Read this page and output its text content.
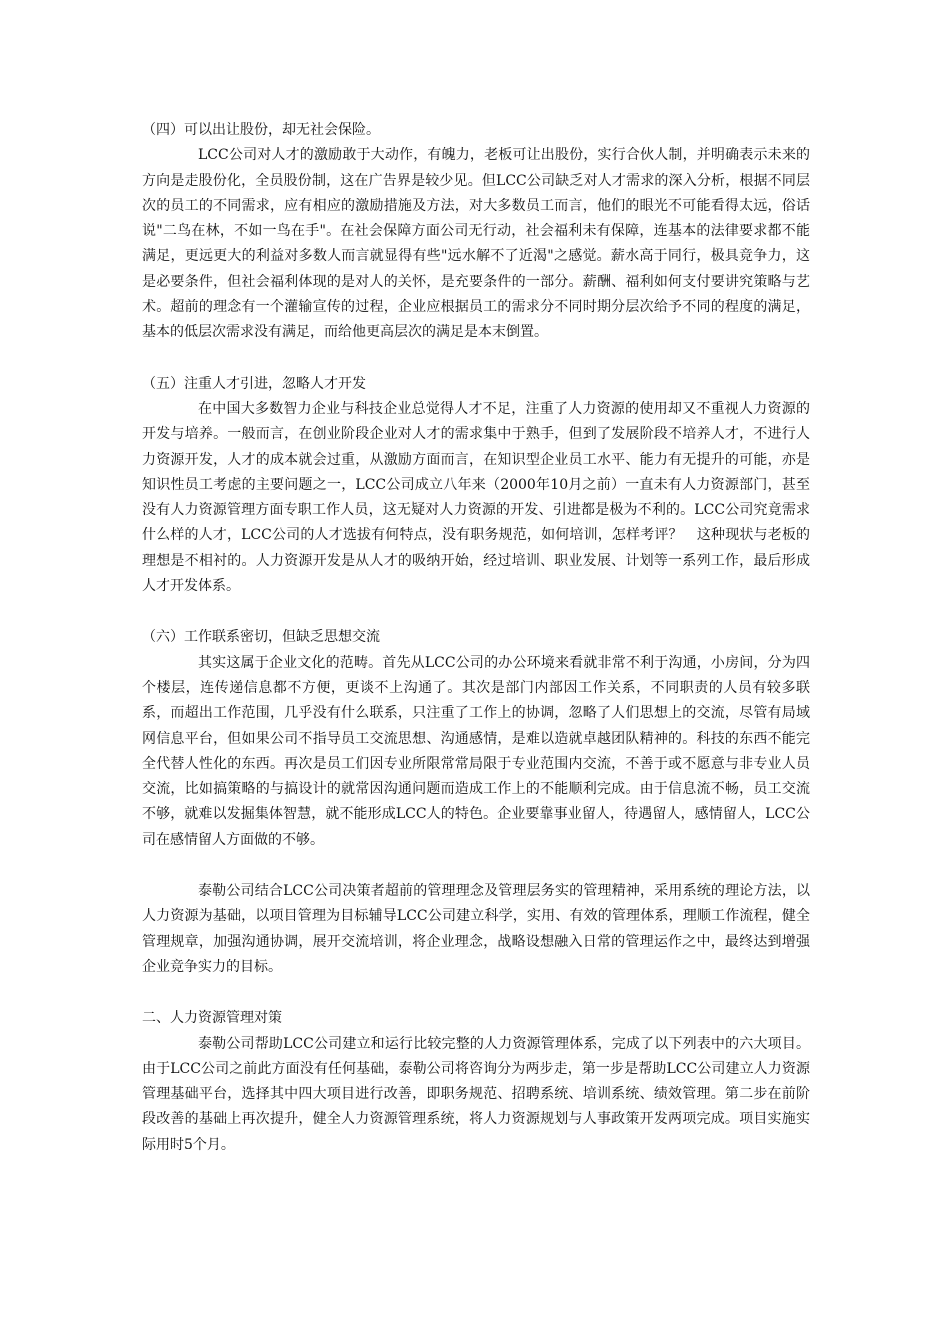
（四）可以出让股份，却无社会保险。

LCC公司对人才的激励敢于大动作，有魄力，老板可让出股份，实行合伙人制，并明确表示未来的方向是走股份化，全员股份制，这在广告界是较少见。但LCC公司缺乏对人才需求的深入分析，根据不同层次的员工的不同需求，应有相应的激励措施及方法，对大多数员工而言，他们的眼光不可能看得太远，俗话说"二鸟在林，不如一鸟在手"。在社会保障方面公司无行动，社会福利未有保障，连基本的法律要求都不能满足，更远更大的利益对多数人而言就显得有些"远水解不了近渴"之感觉。薪水高于同行，极具竞争力，这是必要条件，但社会福利体现的是对人的关怀，是充要条件的一部分。薪酬、福利如何支付要讲究策略与艺术。超前的理念有一个灌输宣传的过程，企业应根据员工的需求分不同时期分层次给予不同的程度的满足，基本的低层次需求没有满足，而给他更高层次的满足是本末倒置。

（五）注重人才引进，忽略人才开发

在中国大多数智力企业与科技企业总觉得人才不足，注重了人力资源的使用却又不重视人力资源的开发与培养。一般而言，在创业阶段企业对人才的需求集中于熟手，但到了发展阶段不培养人才，不进行人力资源开发，人才的成本就会过重，从激励方面而言，在知识型企业员工水平、能力有无提升的可能，亦是知识性员工考虑的主要问题之一，LCC公司成立八年来（2000年10月之前）一直未有人力资源部门，甚至没有人力资源管理方面专职工作人员，这无疑对人力资源的开发、引进都是极为不利的。LCC公司究竟需求什么样的人才，LCC公司的人才选拔有何特点，没有职务规范，如何培训，怎样考评？　这种现状与老板的理想是不相衬的。人力资源开发是从人才的吸纳开始，经过培训、职业发展、计划等一系列工作，最后形成人才开发体系。

（六）工作联系密切，但缺乏思想交流

其实这属于企业文化的范畴。首先从LCC公司的办公环境来看就非常不利于沟通，小房间，分为四个楼层，连传递信息都不方便，更谈不上沟通了。其次是部门内部因工作关系，不同职责的人员有较多联系，而超出工作范围，几乎没有什么联系，只注重了工作上的协调，忽略了人们思想上的交流，尽管有局域网信息平台，但如果公司不指导员工交流思想、沟通感情，是难以造就卓越团队精神的。科技的东西不能完全代替人性化的东西。再次是员工们因专业所限常常局限于专业范围内交流，不善于或不愿意与非专业人员交流，比如搞策略的与搞设计的就常因沟通问题而造成工作上的不能顺利完成。由于信息流不畅，员工交流不够，就难以发掘集体智慧，就不能形成LCC人的特色。企业要靠事业留人，待遇留人，感情留人，LCC公司在感情留人方面做的不够。

泰勒公司结合LCC公司决策者超前的管理理念及管理层务实的管理精神，采用系统的理论方法，以人力资源为基础，以项目管理为目标辅导LCC公司建立科学，实用、有效的管理体系，理顺工作流程，健全管理规章，加强沟通协调，展开交流培训，将企业理念，战略设想融入日常的管理运作之中，最终达到增强企业竞争实力的目标。

二、人力资源管理对策

泰勒公司帮助LCC公司建立和运行比较完整的人力资源管理体系，完成了以下列表中的六大项目。由于LCC公司之前此方面没有任何基础，泰勒公司将咨询分为两步走，第一步是帮助LCC公司建立人力资源管理基础平台，选择其中四大项目进行改善，即职务规范、招聘系统、培训系统、绩效管理。第二步在前阶段改善的基础上再次提升，健全人力资源管理系统，将人力资源规划与人事政策开发两项完成。项目实施实际用时5个月。
